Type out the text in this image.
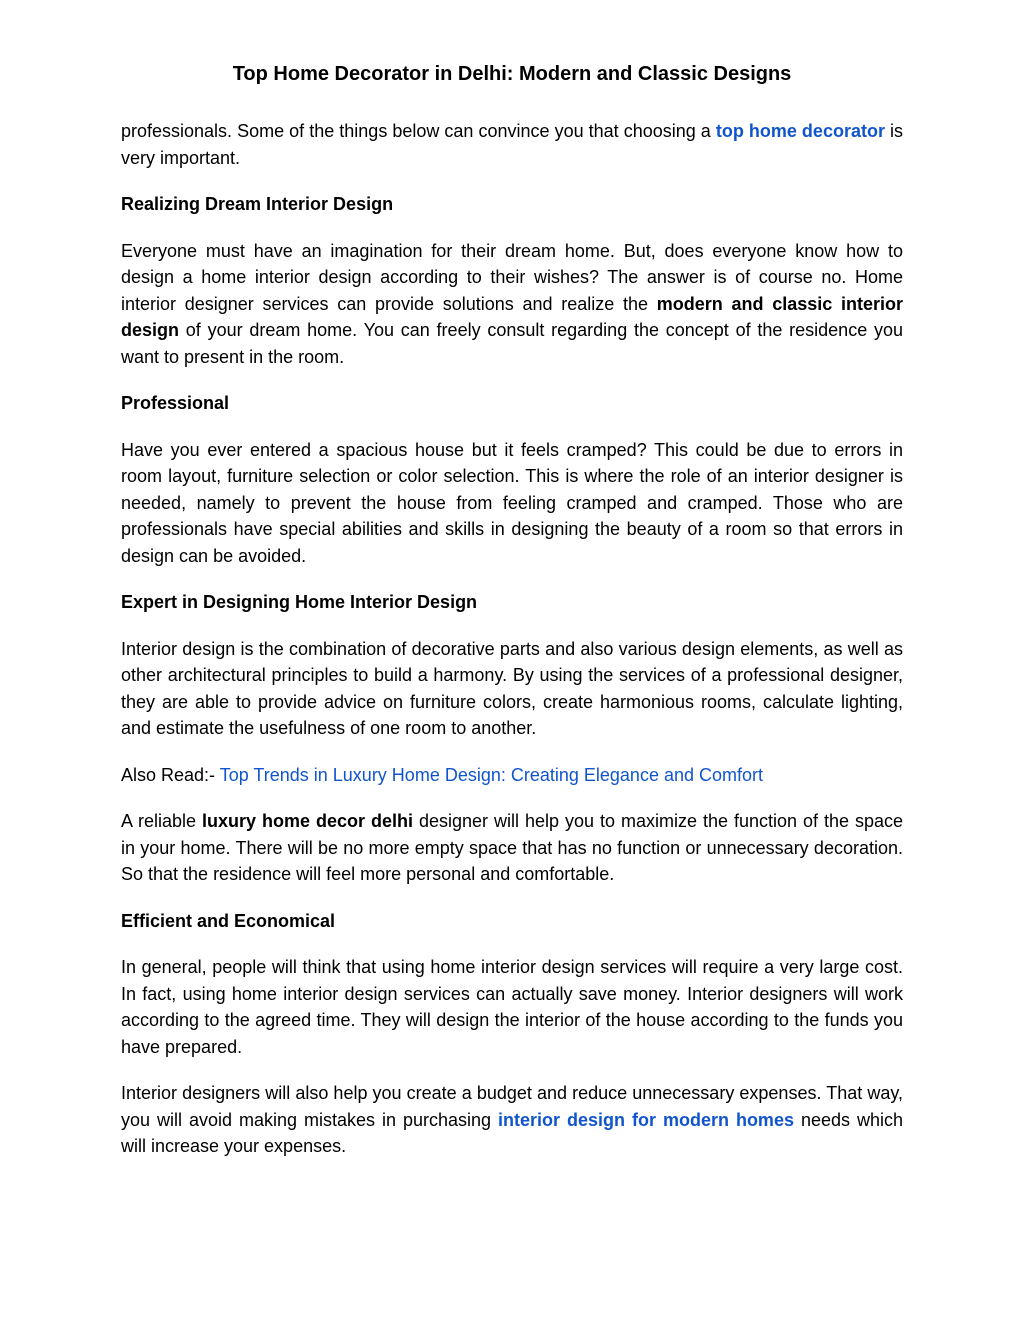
Top Home Decorator in Delhi: Modern and Classic Designs

professionals. Some of the things below can convince you that choosing a top home decorator is very important.

Realizing Dream Interior Design

Everyone must have an imagination for their dream home. But, does everyone know how to design a home interior design according to their wishes? The answer is of course no. Home interior designer services can provide solutions and realize the modern and classic interior design of your dream home. You can freely consult regarding the concept of the residence you want to present in the room.

Professional

Have you ever entered a spacious house but it feels cramped? This could be due to errors in room layout, furniture selection or color selection. This is where the role of an interior designer is needed, namely to prevent the house from feeling cramped and cramped. Those who are professionals have special abilities and skills in designing the beauty of a room so that errors in design can be avoided.

Expert in Designing Home Interior Design

Interior design is the combination of decorative parts and also various design elements, as well as other architectural principles to build a harmony. By using the services of a professional designer, they are able to provide advice on furniture colors, create harmonious rooms, calculate lighting, and estimate the usefulness of one room to another.

Also Read:- Top Trends in Luxury Home Design: Creating Elegance and Comfort

A reliable luxury home decor delhi designer will help you to maximize the function of the space in your home. There will be no more empty space that has no function or unnecessary decoration. So that the residence will feel more personal and comfortable.

Efficient and Economical

In general, people will think that using home interior design services will require a very large cost. In fact, using home interior design services can actually save money. Interior designers will work according to the agreed time. They will design the interior of the house according to the funds you have prepared.

Interior designers will also help you create a budget and reduce unnecessary expenses. That way, you will avoid making mistakes in purchasing interior design for modern homes needs which will increase your expenses.
